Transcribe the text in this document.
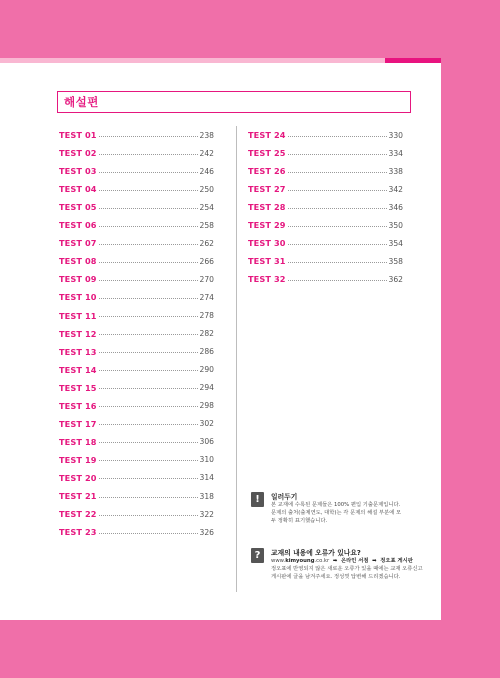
해설편
TEST 01	238
TEST 02	242
TEST 03	246
TEST 04	250
TEST 05	254
TEST 06	258
TEST 07	262
TEST 08	266
TEST 09	270
TEST 10	274
TEST 11	278
TEST 12	282
TEST 13	286
TEST 14	290
TEST 15	294
TEST 16	298
TEST 17	302
TEST 18	306
TEST 19	310
TEST 20	314
TEST 21	318
TEST 22	322
TEST 23	326
TEST 24	330
TEST 25	334
TEST 26	338
TEST 27	342
TEST 28	346
TEST 29	350
TEST 30	354
TEST 31	358
TEST 32	362
!	일러두기
본 교재에 수록된 문제들은 100% 편입 기출문제입니다.
문제의 출처(출제연도, 대학)는 각 문제의 해설 부분에 모
두 정확히 표기했습니다.
?	교재의 내용에 오류가 있나요?
www.kimyoung.co.kr ➡ 온라인 서점 ➡ 정오표 게시판
정오표에 반영되지 않은 새로운 오류가 있을 때에는 교재 오류신고
게시판에 글을 남겨주세요. 정성껏 답변해 드리겠습니다.
